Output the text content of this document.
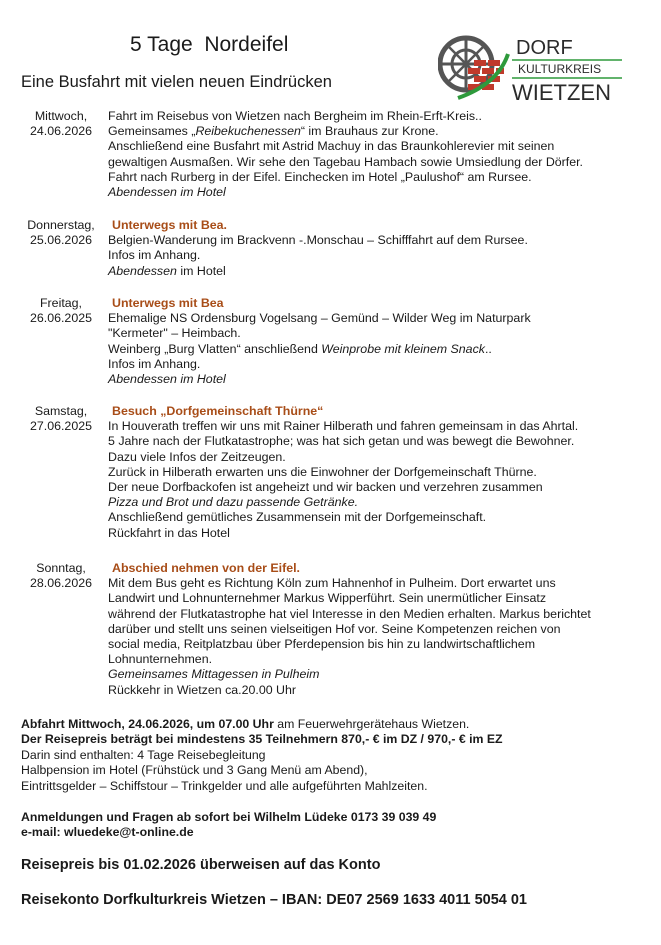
5 Tage  Nordeifel
Eine Busfahrt mit vielen neuen Eindrücken
DORF
KULTURKREIS
WIETZEN
Mittwoch,
24.06.2026
Fahrt im Reisebus von Wietzen nach Bergheim im Rhein-Erft-Kreis..
Gemeinsames „Reibekuchenessen“ im Brauhaus zur Krone.
Anschließend eine Busfahrt mit Astrid Machuy in das Braunkohlerevier mit seinen
gewaltigen Ausmaßen. Wir sehe den Tagebau Hambach sowie Umsiedlung der Dörfer.
Fahrt nach Rurberg in der Eifel. Einchecken im Hotel „Paulushof“ am Rursee.
Abendessen im Hotel
Donnerstag,
25.06.2026
Unterwegs mit Bea.
Belgien-Wanderung im Brackvenn -.Monschau – Schifffahrt auf dem Rursee.
Infos im Anhang.
Abendessen im Hotel
Freitag,
26.06.2025
Unterwegs mit Bea
Ehemalige NS Ordensburg Vogelsang – Gemünd – Wilder Weg im Naturpark
"Kermeter" – Heimbach.
Weinberg „Burg Vlatten“ anschließend Weinprobe mit kleinem Snack..
Infos im Anhang.
Abendessen im Hotel
Samstag,
27.06.2025
Besuch „Dorfgemeinschaft Thürne“
In Houverath treffen wir uns mit Rainer Hilberath und fahren gemeinsam in das Ahrtal.
5 Jahre nach der Flutkatastrophe; was hat sich getan und was bewegt die Bewohner.
Dazu viele Infos der Zeitzeugen.
Zurück in Hilberath erwarten uns die Einwohner der Dorfgemeinschaft Thürne.
Der neue Dorfbackofen ist angeheizt und wir backen und verzehren zusammen
Pizza und Brot und dazu passende Getränke.
Anschließend gemütliches Zusammensein mit der Dorfgemeinschaft.
Rückfahrt in das Hotel
Sonntag,
28.06.2026
Abschied nehmen von der Eifel.
Mit dem Bus geht es Richtung Köln zum Hahnenhof in Pulheim. Dort erwartet uns
Landwirt und Lohnunternehmer Markus Wipperführt. Sein unermütlicher Einsatz
während der Flutkatastrophe hat viel Interesse in den Medien erhalten. Markus berichtet
darüber und stellt uns seinen vielseitigen Hof vor. Seine Kompetenzen reichen von
social media, Reitplatzbau über Pferdepension bis hin zu landwirtschaftlichem
Lohnunternehmen.
Gemeinsames Mittagessen in Pulheim
Rückkehr in Wietzen ca.20.00 Uhr
Abfahrt Mittwoch, 24.06.2026, um 07.00 Uhr am Feuerwehrgerätehaus Wietzen.
Der Reisepreis beträgt bei mindestens 35 Teilnehmern 870,- € im DZ / 970,- € im EZ
Darin sind enthalten: 4 Tage Reisebegleitung
Halbpension im Hotel (Frühstück und 3 Gang Menü am Abend),
Eintrittsgelder – Schiffstour – Trinkgelder und alle aufgeführten Mahlzeiten.
Anmeldungen und Fragen ab sofort bei Wilhelm Lüdeke 0173 39 039 49
e-mail: wluedeke@t-online.de
Reisepreis bis 01.02.2026 überweisen auf das Konto
Reisekonto Dorfkulturkreis Wietzen – IBAN: DE07 2569 1633 4011 5054 01
